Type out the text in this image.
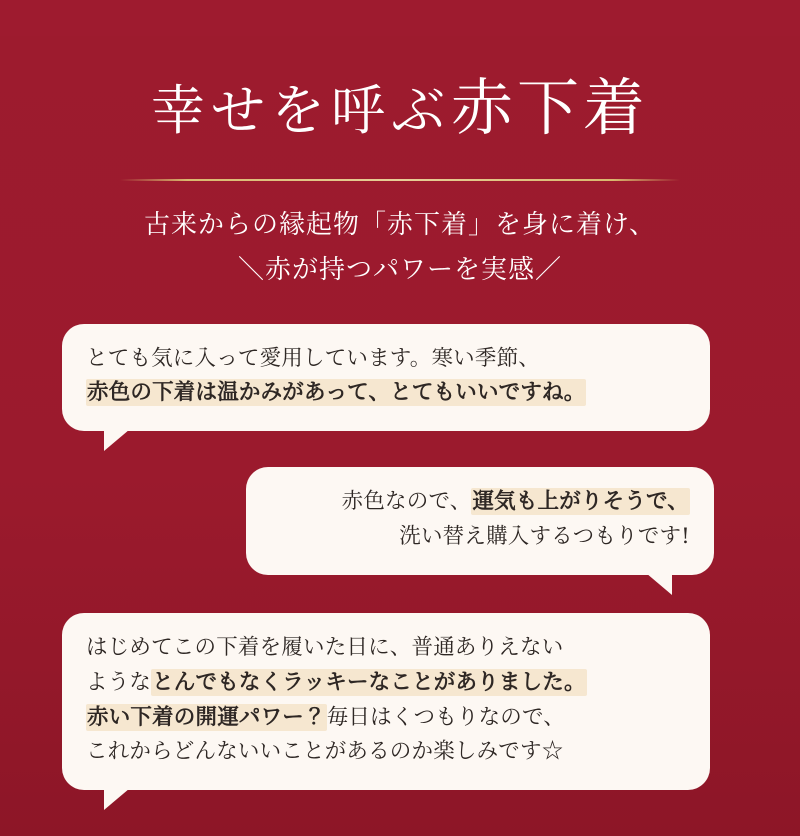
幸せを呼ぶ赤下着
古来からの縁起物「赤下着」を身に着け、
＼赤が持つパワーを実感／
とても気に入って愛用しています。寒い季節、
赤色の下着は温かみがあって、とてもいいですね。
赤色なので、運気も上がりそうで、
洗い替え購入するつもりです!
はじめてこの下着を履いた日に、普通ありえない
ようなとんでもなくラッキーなことがありました。
赤い下着の開運パワー？毎日はくつもりなので、
これからどんないいことがあるのか楽しみです☆
